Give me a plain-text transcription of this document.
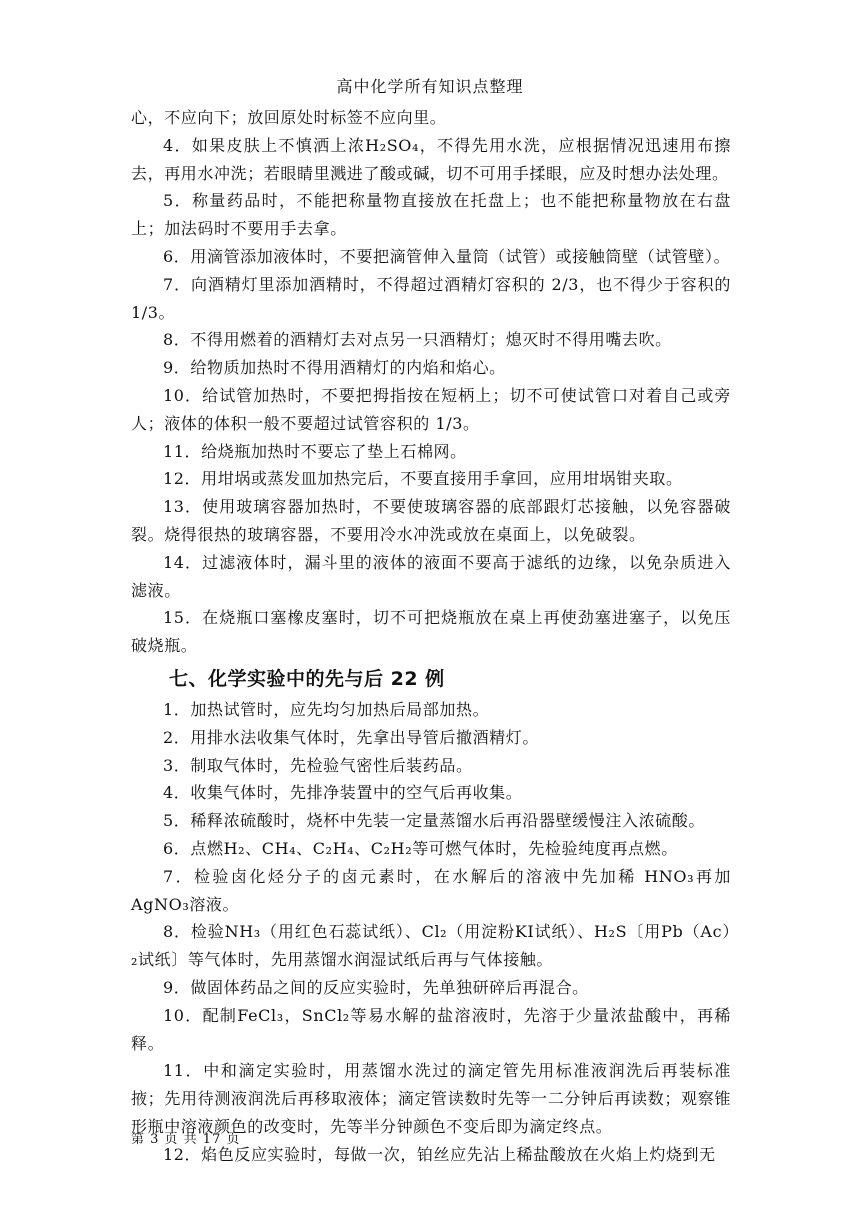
高中化学所有知识点整理

心，不应向下；放回原处时标签不应向里。

4．如果皮肤上不慎洒上浓H₂SO₄，不得先用水洗，应根据情况迅速用布擦去，再用水冲洗；若眼睛里溅进了酸或碱，切不可用手揉眼，应及时想办法处理。

5．称量药品时，不能把称量物直接放在托盘上；也不能把称量物放在右盘上；加法码时不要用手去拿。

6．用滴管添加液体时，不要把滴管伸入量筒（试管）或接触筒壁（试管壁）。

7．向酒精灯里添加酒精时，不得超过酒精灯容积的 2/3，也不得少于容积的 1/3。

8．不得用燃着的酒精灯去对点另一只酒精灯；熄灭时不得用嘴去吹。

9．给物质加热时不得用酒精灯的内焰和焰心。

10．给试管加热时，不要把拇指按在短柄上；切不可使试管口对着自己或旁人；液体的体积一般不要超过试管容积的 1/3。

11．给烧瓶加热时不要忘了垫上石棉网。

12．用坩埚或蒸发皿加热完后，不要直接用手拿回，应用坩埚钳夹取。

13．使用玻璃容器加热时，不要使玻璃容器的底部跟灯芯接触，以免容器破裂。烧得很热的玻璃容器，不要用冷水冲洗或放在桌面上，以免破裂。

14．过滤液体时，漏斗里的液体的液面不要高于滤纸的边缘，以免杂质进入滤液。

15．在烧瓶口塞橡皮塞时，切不可把烧瓶放在桌上再使劲塞进塞子，以免压破烧瓶。

七、化学实验中的先与后 22 例

1．加热试管时，应先均匀加热后局部加热。

2．用排水法收集气体时，先拿出导管后撤酒精灯。

3．制取气体时，先检验气密性后装药品。

4．收集气体时，先排净装置中的空气后再收集。

5．稀释浓硫酸时，烧杯中先装一定量蒸馏水后再沿器壁缓慢注入浓硫酸。

6．点燃H₂、CH₄、C₂H₄、C₂H₂等可燃气体时，先检验纯度再点燃。

7．检验卤化烃分子的卤元素时，在水解后的溶液中先加稀 HNO₃再加 AgNO₃溶液。

8．检验NH₃（用红色石蕊试纸）、Cl₂（用淀粉KI试纸）、H₂S〔用Pb（Ac）₂试纸〕等气体时，先用蒸馏水润湿试纸后再与气体接触。

9．做固体药品之间的反应实验时，先单独研碎后再混合。

10．配制FeCl₃，SnCl₂等易水解的盐溶液时，先溶于少量浓盐酸中，再稀释。

11．中和滴定实验时，用蒸馏水洗过的滴定管先用标准液润洗后再装标准掖；先用待测液润洗后再移取液体；滴定管读数时先等一二分钟后再读数；观察锥形瓶中溶液颜色的改变时，先等半分钟颜色不变后即为滴定终点。

12．焰色反应实验时，每做一次，铂丝应先沾上稀盐酸放在火焰上灼烧到无

第 3 页 共 17 页
